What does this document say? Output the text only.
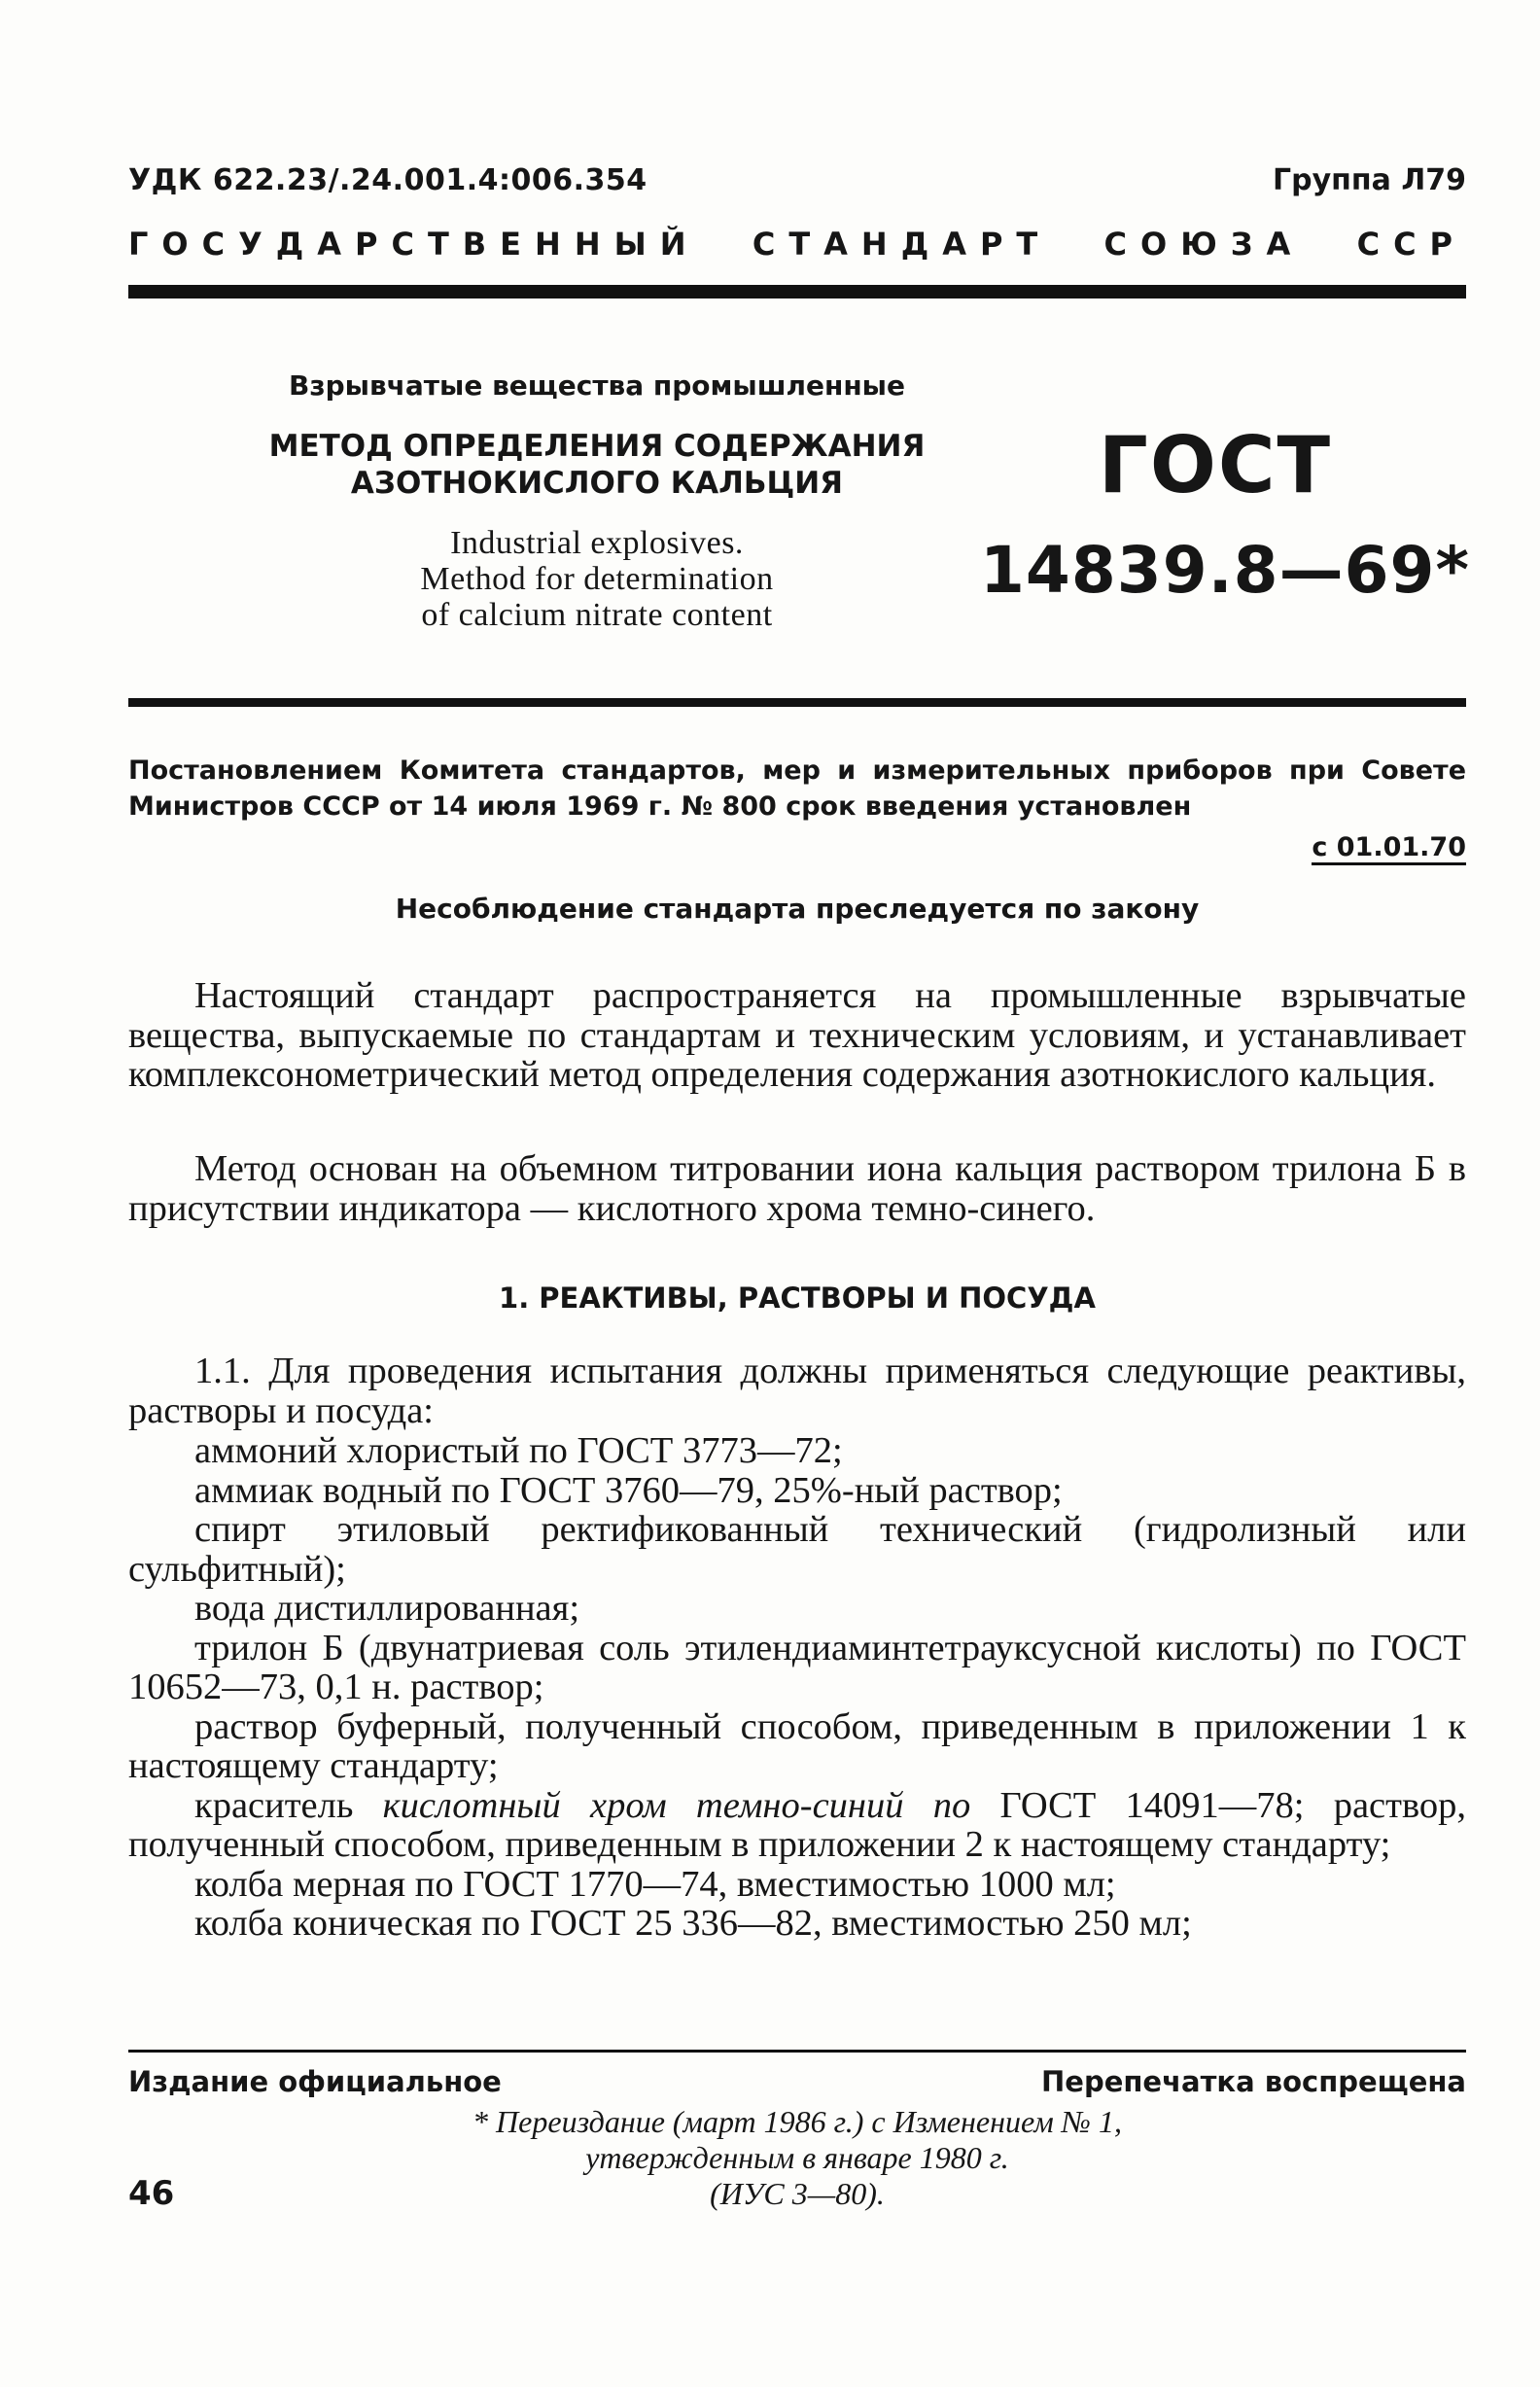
УДК 622.23/.24.001.4:006.354	Группа Л79
ГОСУДАРСТВЕННЫЙ СТАНДАРТ СОЮЗА ССР
Взрывчатые вещества промышленные
МЕТОД ОПРЕДЕЛЕНИЯ СОДЕРЖАНИЯ
АЗОТНОКИСЛОГО КАЛЬЦИЯ
Industrial explosives.
Method for determination
of calcium nitrate content
ГОСТ
14839.8—69*
Постановлением Комитета стандартов, мер и измерительных приборов при Совете Министров СССР от 14 июля 1969 г. № 800 срок введения установлен
с 01.01.70
Несоблюдение стандарта преследуется по закону
Настоящий стандарт распространяется на промышленные взрывчатые вещества, выпускаемые по стандартам и техническим условиям, и устанавливает комплексонометрический метод определения содержания азотнокислого кальция.
Метод основан на объемном титровании иона кальция раствором трилона Б в присутствии индикатора — кислотного хрома темно-синего.
1. РЕАКТИВЫ, РАСТВОРЫ И ПОСУДА
1.1. Для проведения испытания должны применяться следующие реактивы, растворы и посуда:

аммоний хлористый по ГОСТ 3773—72;

аммиак водный по ГОСТ 3760—79, 25%-ный раствор;

спирт этиловый ректификованный технический (гидролизный или сульфитный);

вода дистиллированная;

трилон Б (двунатриевая соль этилендиаминтетрауксусной кислоты) по ГОСТ 10652—73, 0,1 н. раствор;

раствор буферный, полученный способом, приведенным в приложении 1 к настоящему стандарту;

краситель кислотный хром темно-синий по ГОСТ 14091—78; раствор, полученный способом, приведенным в приложении 2 к настоящему стандарту;

колба мерная по ГОСТ 1770—74, вместимостью 1000 мл;

колба коническая по ГОСТ 25 336—82, вместимостью 250 мл;

Издание официальное	Перепечатка воспрещена
* Переиздание (март 1986 г.) с Изменением № 1,
утвержденным в январе 1980 г.
(ИУС 3—80).
46
